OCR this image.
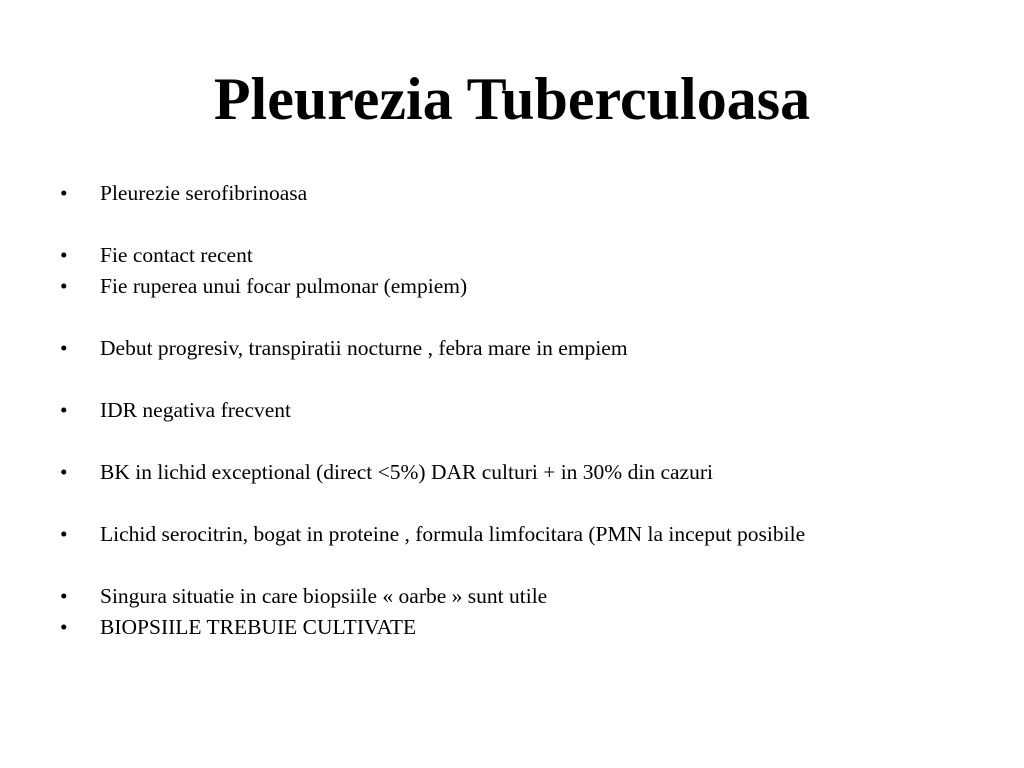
Pleurezia Tuberculoasa
•	Pleurezie serofibrinoasa
•	Fie contact recent
•	Fie ruperea unui focar pulmonar (empiem)
•	Debut progresiv, transpiratii nocturne , febra mare in empiem
•	IDR negativa frecvent
•	BK in lichid exceptional (direct <5%) DAR culturi + in 30% din cazuri
•	Lichid serocitrin, bogat in proteine , formula limfocitara (PMN la inceput posibile
•	Singura situatie in care biopsiile « oarbe » sunt utile
•	BIOPSIILE TREBUIE CULTIVATE
